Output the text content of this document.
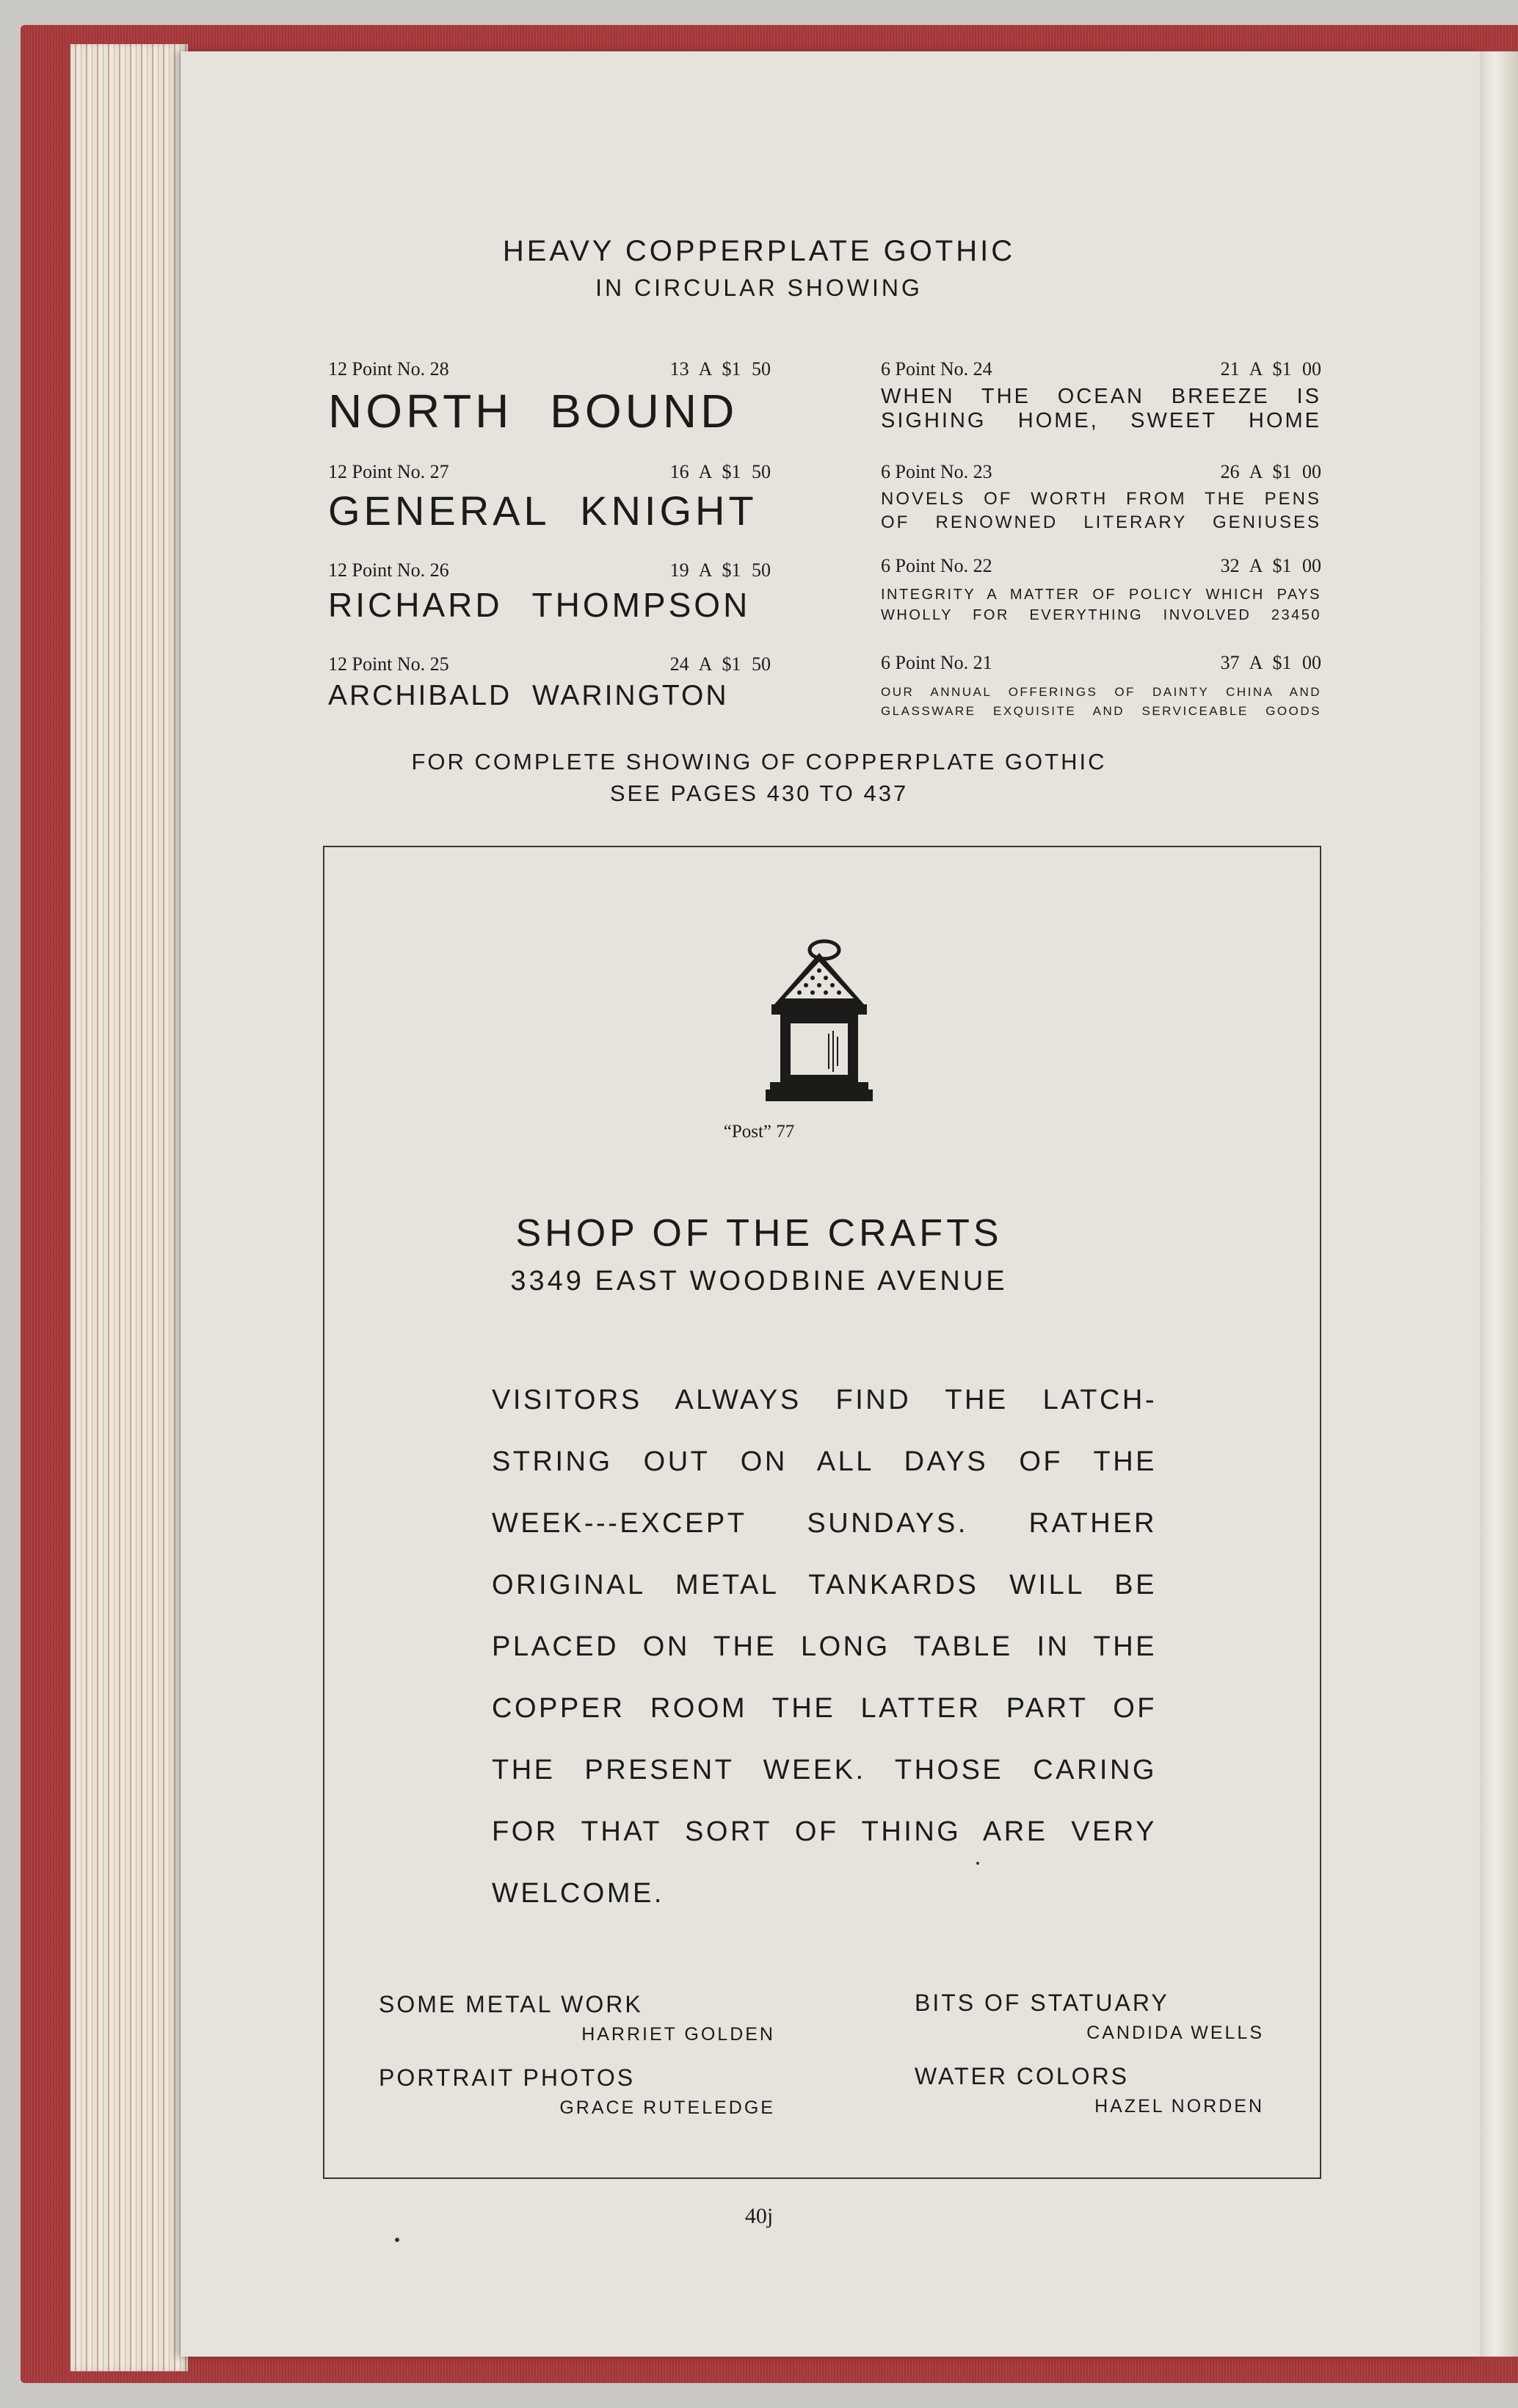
HEAVY COPPERPLATE GOTHIC
IN CIRCULAR SHOWING
12 Point No. 28	13 A $1 50
NORTH BOUND
12 Point No. 27	16 A $1 50
GENERAL KNIGHT
12 Point No. 26	19 A $1 50
RICHARD THOMPSON
12 Point No. 25	24 A $1 50
ARCHIBALD WARINGTON
6 Point No. 24	21 A $1 00
WHEN THE OCEAN BREEZE IS
SIGHING HOME, SWEET HOME
6 Point No. 23	26 A $1 00
NOVELS OF WORTH FROM THE PENS
OF RENOWNED LITERARY GENIUSES
6 Point No. 22	32 A $1 00
INTEGRITY A MATTER OF POLICY WHICH PAYS
WHOLLY FOR EVERYTHING INVOLVED 23450
6 Point No. 21	37 A $1 00
OUR ANNUAL OFFERINGS OF DAINTY CHINA AND
GLASSWARE EXQUISITE AND SERVICEABLE GOODS
FOR COMPLETE SHOWING OF COPPERPLATE GOTHIC
SEE PAGES 430 TO 437
“Post” 77
SHOP OF THE CRAFTS
3349 EAST WOODBINE AVENUE
VISITORS ALWAYS FIND THE LATCH-
STRING OUT ON ALL DAYS OF THE
WEEK---EXCEPT SUNDAYS. RATHER
ORIGINAL METAL TANKARDS WILL BE
PLACED ON THE LONG TABLE IN THE
COPPER ROOM THE LATTER PART OF
THE PRESENT WEEK. THOSE CARING
FOR THAT SORT OF THING ARE VERY
WELCOME.
SOME METAL WORK
HARRIET GOLDEN
BITS OF STATUARY
CANDIDA WELLS
PORTRAIT PHOTOS
GRACE RUTELEDGE
WATER COLORS
HAZEL NORDEN
40j
